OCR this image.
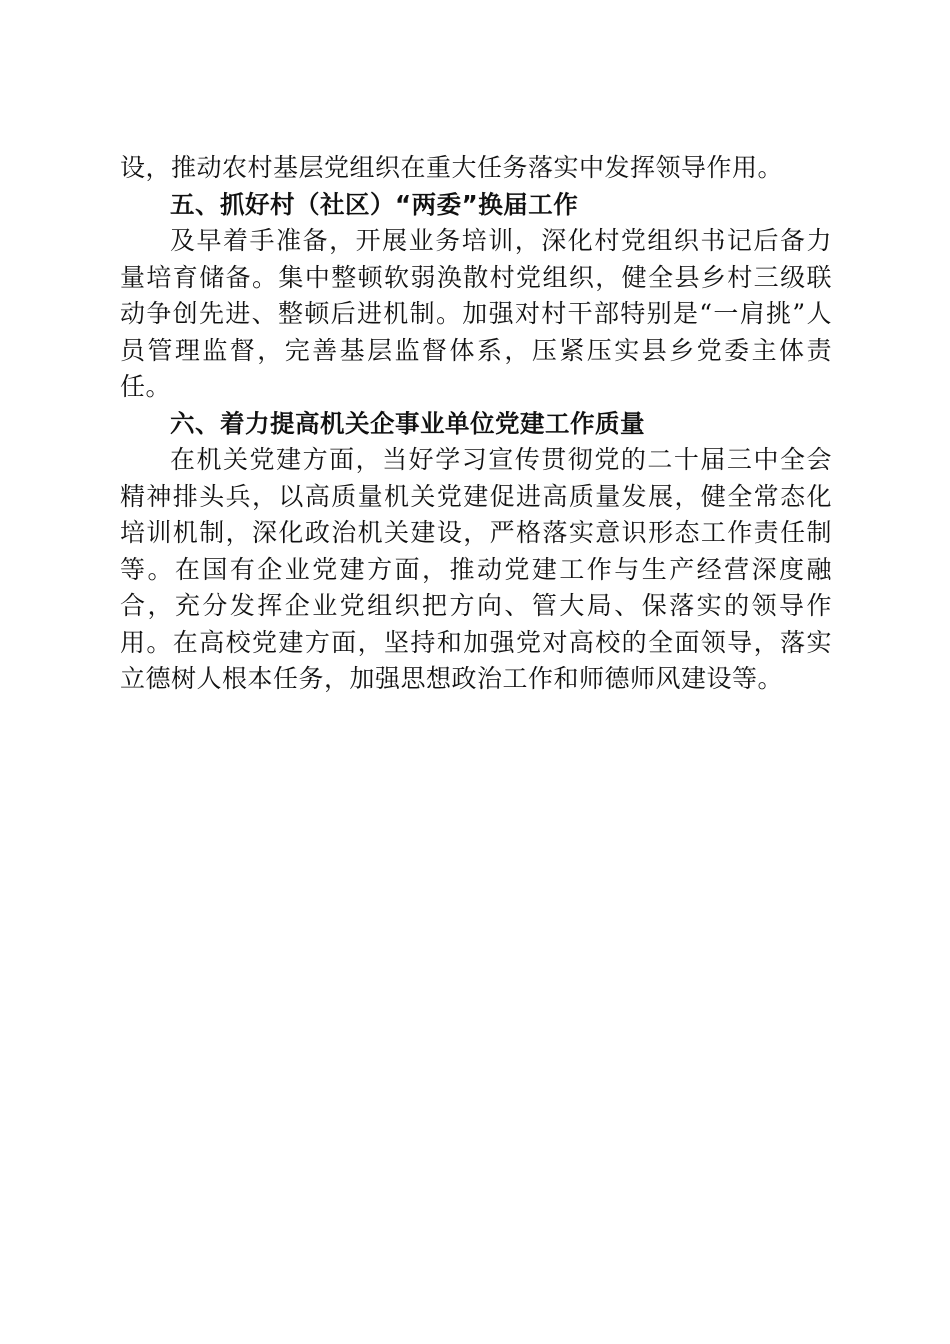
设，推动农村基层党组织在重大任务落实中发挥领导作用。

五、抓好村（社区）“两委”换届工作

及早着手准备，开展业务培训，深化村党组织书记后备力量培育储备。集中整顿软弱涣散村党组织，健全县乡村三级联动争创先进、整顿后进机制。加强对村干部特别是“一肩挑”人员管理监督，完善基层监督体系，压紧压实县乡党委主体责任。

六、着力提高机关企事业单位党建工作质量

在机关党建方面，当好学习宣传贯彻党的二十届三中全会精神排头兵，以高质量机关党建促进高质量发展，健全常态化培训机制，深化政治机关建设，严格落实意识形态工作责任制等。在国有企业党建方面，推动党建工作与生产经营深度融合，充分发挥企业党组织把方向、管大局、保落实的领导作用。在高校党建方面，坚持和加强党对高校的全面领导，落实立德树人根本任务，加强思想政治工作和师德师风建设等。
